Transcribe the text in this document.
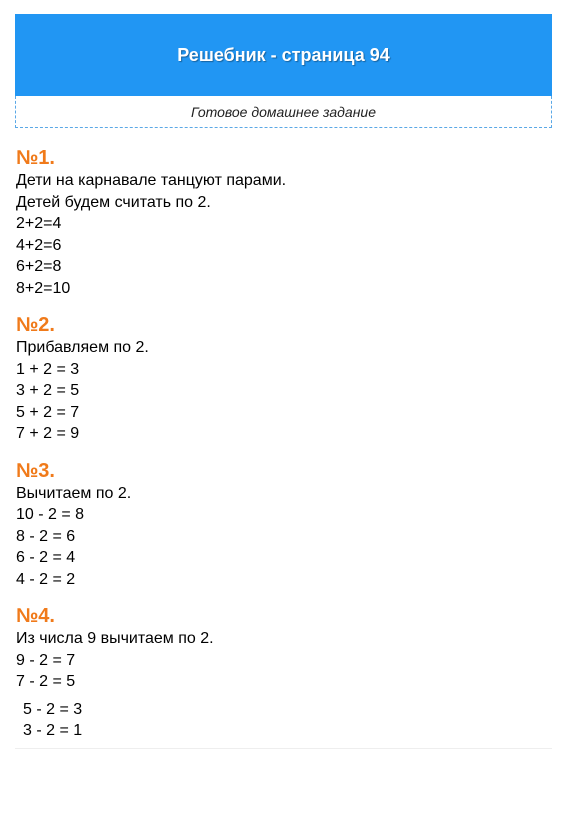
Решебник - страница 94
Готовое домашнее задание

№1.

Дети на карнавале танцуют парами.

Детей будем считать по 2.

2+2=4

4+2=6

6+2=8

8+2=10

№2.

Прибавляем по 2.

1 + 2 = 3

3 + 2 = 5

5 + 2 = 7

7 + 2 = 9

№3.

Вычитаем по 2.

10 - 2 = 8

8 - 2 = 6

6 - 2 = 4

4 - 2 = 2

№4.

Из числа 9 вычитаем по 2.

9 - 2 = 7

7 - 2 = 5

5 - 2 = 3

3 - 2 = 1
